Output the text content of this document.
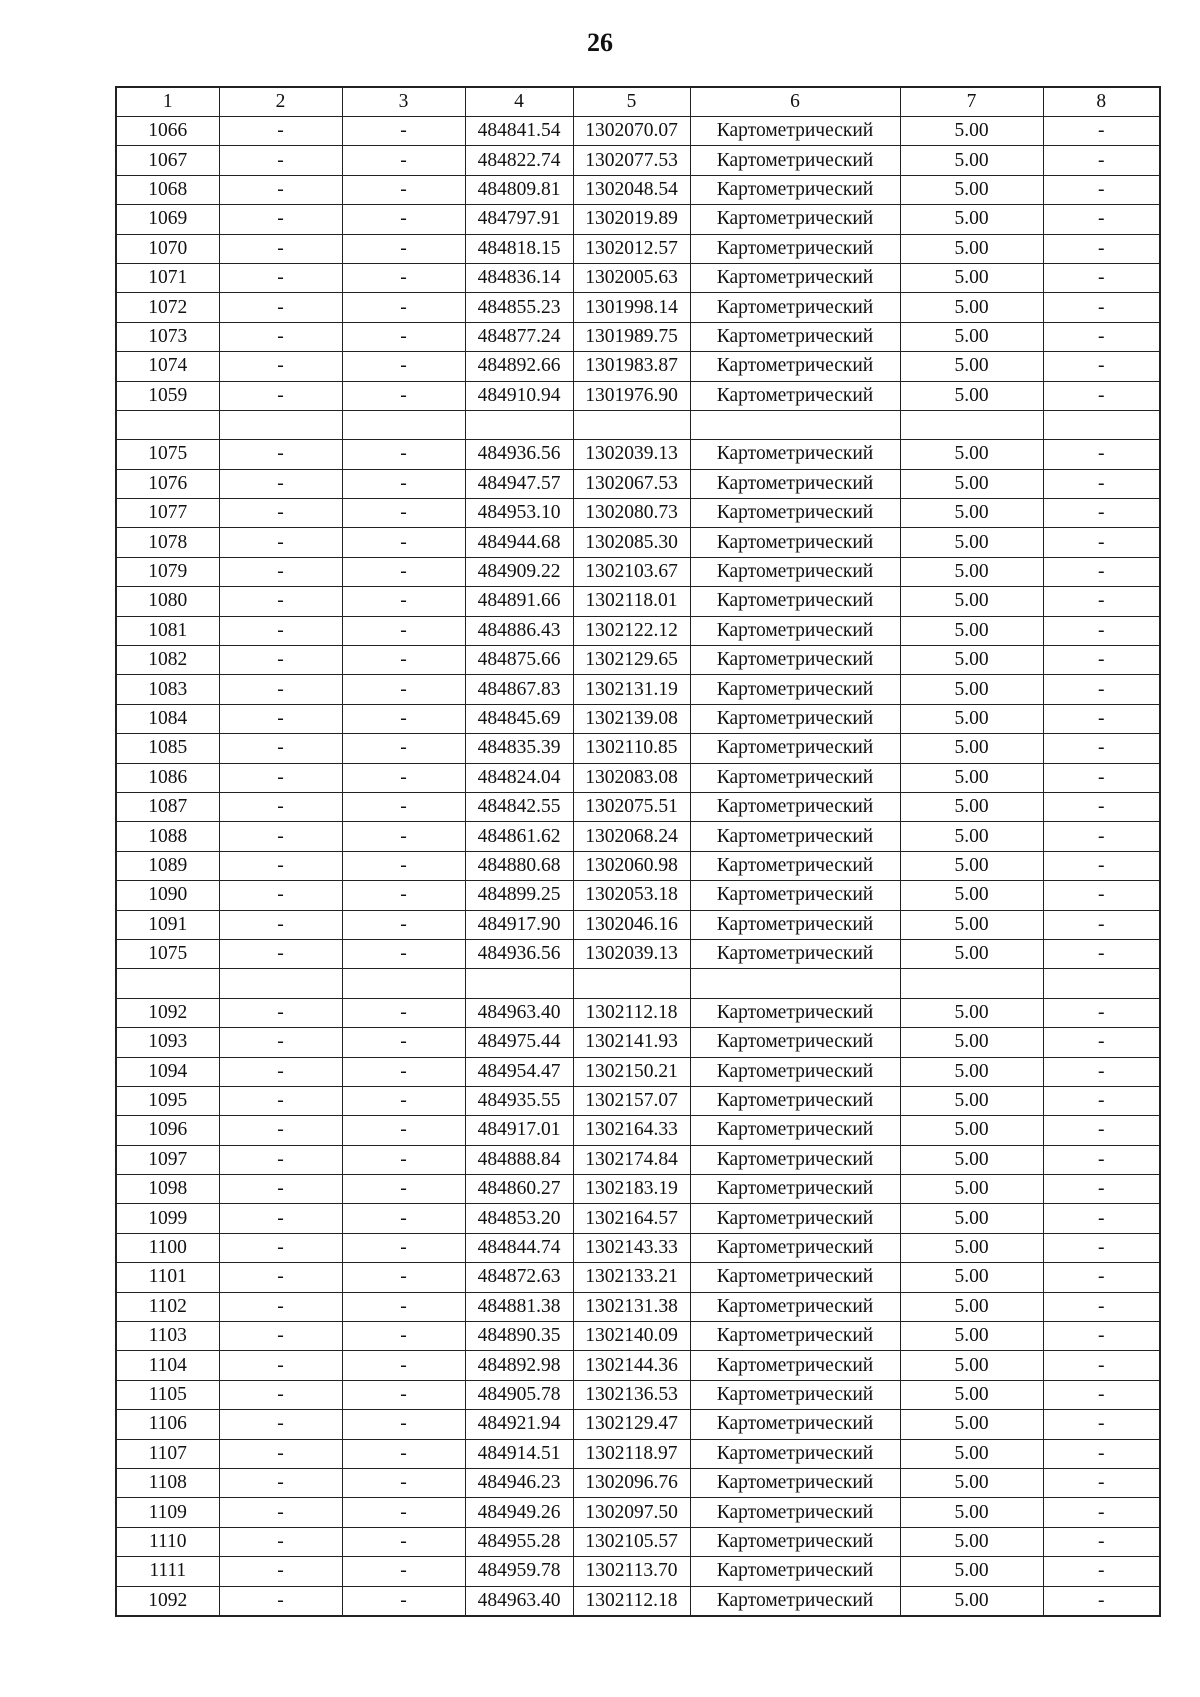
26
1	2	3	4	5	6	7	8
1066	-	-	484841.54	1302070.07	Картометрический	5.00	-
1067	-	-	484822.74	1302077.53	Картометрический	5.00	-
1068	-	-	484809.81	1302048.54	Картометрический	5.00	-
1069	-	-	484797.91	1302019.89	Картометрический	5.00	-
1070	-	-	484818.15	1302012.57	Картометрический	5.00	-
1071	-	-	484836.14	1302005.63	Картометрический	5.00	-
1072	-	-	484855.23	1301998.14	Картометрический	5.00	-
1073	-	-	484877.24	1301989.75	Картометрический	5.00	-
1074	-	-	484892.66	1301983.87	Картометрический	5.00	-
1059	-	-	484910.94	1301976.90	Картометрический	5.00	-

1075	-	-	484936.56	1302039.13	Картометрический	5.00	-
1076	-	-	484947.57	1302067.53	Картометрический	5.00	-
1077	-	-	484953.10	1302080.73	Картометрический	5.00	-
1078	-	-	484944.68	1302085.30	Картометрический	5.00	-
1079	-	-	484909.22	1302103.67	Картометрический	5.00	-
1080	-	-	484891.66	1302118.01	Картометрический	5.00	-
1081	-	-	484886.43	1302122.12	Картометрический	5.00	-
1082	-	-	484875.66	1302129.65	Картометрический	5.00	-
1083	-	-	484867.83	1302131.19	Картометрический	5.00	-
1084	-	-	484845.69	1302139.08	Картометрический	5.00	-
1085	-	-	484835.39	1302110.85	Картометрический	5.00	-
1086	-	-	484824.04	1302083.08	Картометрический	5.00	-
1087	-	-	484842.55	1302075.51	Картометрический	5.00	-
1088	-	-	484861.62	1302068.24	Картометрический	5.00	-
1089	-	-	484880.68	1302060.98	Картометрический	5.00	-
1090	-	-	484899.25	1302053.18	Картометрический	5.00	-
1091	-	-	484917.90	1302046.16	Картометрический	5.00	-
1075	-	-	484936.56	1302039.13	Картометрический	5.00	-

1092	-	-	484963.40	1302112.18	Картометрический	5.00	-
1093	-	-	484975.44	1302141.93	Картометрический	5.00	-
1094	-	-	484954.47	1302150.21	Картометрический	5.00	-
1095	-	-	484935.55	1302157.07	Картометрический	5.00	-
1096	-	-	484917.01	1302164.33	Картометрический	5.00	-
1097	-	-	484888.84	1302174.84	Картометрический	5.00	-
1098	-	-	484860.27	1302183.19	Картометрический	5.00	-
1099	-	-	484853.20	1302164.57	Картометрический	5.00	-
1100	-	-	484844.74	1302143.33	Картометрический	5.00	-
1101	-	-	484872.63	1302133.21	Картометрический	5.00	-
1102	-	-	484881.38	1302131.38	Картометрический	5.00	-
1103	-	-	484890.35	1302140.09	Картометрический	5.00	-
1104	-	-	484892.98	1302144.36	Картометрический	5.00	-
1105	-	-	484905.78	1302136.53	Картометрический	5.00	-
1106	-	-	484921.94	1302129.47	Картометрический	5.00	-
1107	-	-	484914.51	1302118.97	Картометрический	5.00	-
1108	-	-	484946.23	1302096.76	Картометрический	5.00	-
1109	-	-	484949.26	1302097.50	Картометрический	5.00	-
1110	-	-	484955.28	1302105.57	Картометрический	5.00	-
1111	-	-	484959.78	1302113.70	Картометрический	5.00	-
1092	-	-	484963.40	1302112.18	Картометрический	5.00	-
